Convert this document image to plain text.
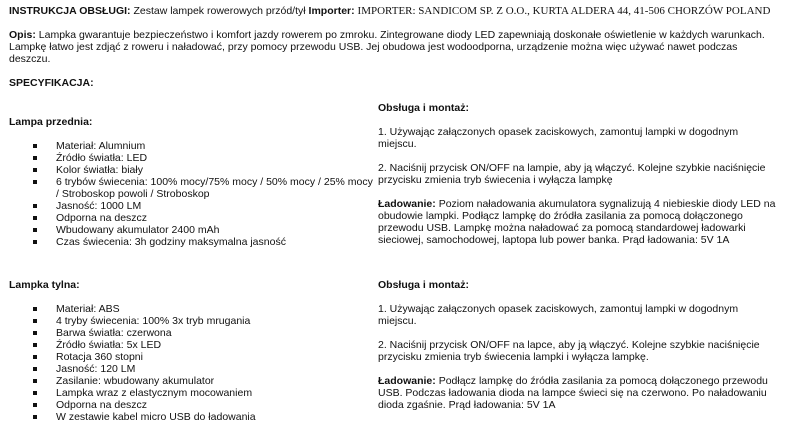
INSTRUKCJA OBSŁUGI: Zestaw lampek rowerowych przód/tył Importer: IMPORTER: SANDICOM SP. Z O.O., KURTA ALDERA 44, 41-506 CHORZÓW POLAND
Opis: Lampka gwarantuje bezpieczeństwo i komfort jazdy rowerem po zmroku. Zintegrowane diody LED zapewniają doskonałe oświetlenie w każdych warunkach. Lampkę łatwo jest zdjąć z roweru i naładować, przy pomocy przewodu USB. Jej obudowa jest wodoodporna, urządzenie można więc używać nawet podczas deszczu.
SPECYFIKACJA:
Lampa przednia:
Materiał: Alumnium
Źródło światła: LED
Kolor światła: biały
6 trybów świecenia: 100% mocy/75% mocy / 50% mocy / 25% mocy / Stroboskop powoli / Stroboskop
Jasność: 1000 LM
Odporna na deszcz
Wbudowany akumulator 2400 mAh
Czas świecenia: 3h godziny maksymalna jasność
Obsługa i montaż:
1. Używając załączonych opasek zaciskowych, zamontuj lampki w dogodnym miejscu.
2. Naciśnij przycisk ON/OFF na lampie, aby ją włączyć. Kolejne szybkie naciśnięcie przycisku zmienia tryb świecenia i wyłącza lampkę
Ładowanie: Poziom naładowania akumulatora sygnalizują 4 niebieskie diody LED na obudowie lampki. Podłącz lampkę do źródła zasilania za pomocą dołączonego przewodu USB. Lampkę można naładować za pomocą standardowej ładowarki sieciowej, samochodowej, laptopa lub power banka. Prąd ładowania: 5V 1A
Lampka tylna:
Materiał: ABS
4 tryby świecenia: 100% 3x tryb mrugania
Barwa światła: czerwona
Źródło światła: 5x LED
Rotacja 360 stopni
Jasność: 120 LM
Zasilanie: wbudowany akumulator
Lampka wraz z elastycznym mocowaniem
Odporna na deszcz
W zestawie kabel micro USB do ładowania
Obsługa i montaż:
1. Używając załączonych opasek zaciskowych, zamontuj lampki w dogodnym miejscu.
2. Naciśnij przycisk ON/OFF na lapce, aby ją włączyć. Kolejne szybkie naciśnięcie przycisku zmienia tryb świecenia lampki i wyłącza lampkę.
Ładowanie: Podłącz lampkę do źródła zasilania za pomocą dołączonego przewodu USB. Podczas ładowania dioda na lampce świeci się na czerwono. Po naładowaniu dioda zgaśnie. Prąd ładowania: 5V 1A
